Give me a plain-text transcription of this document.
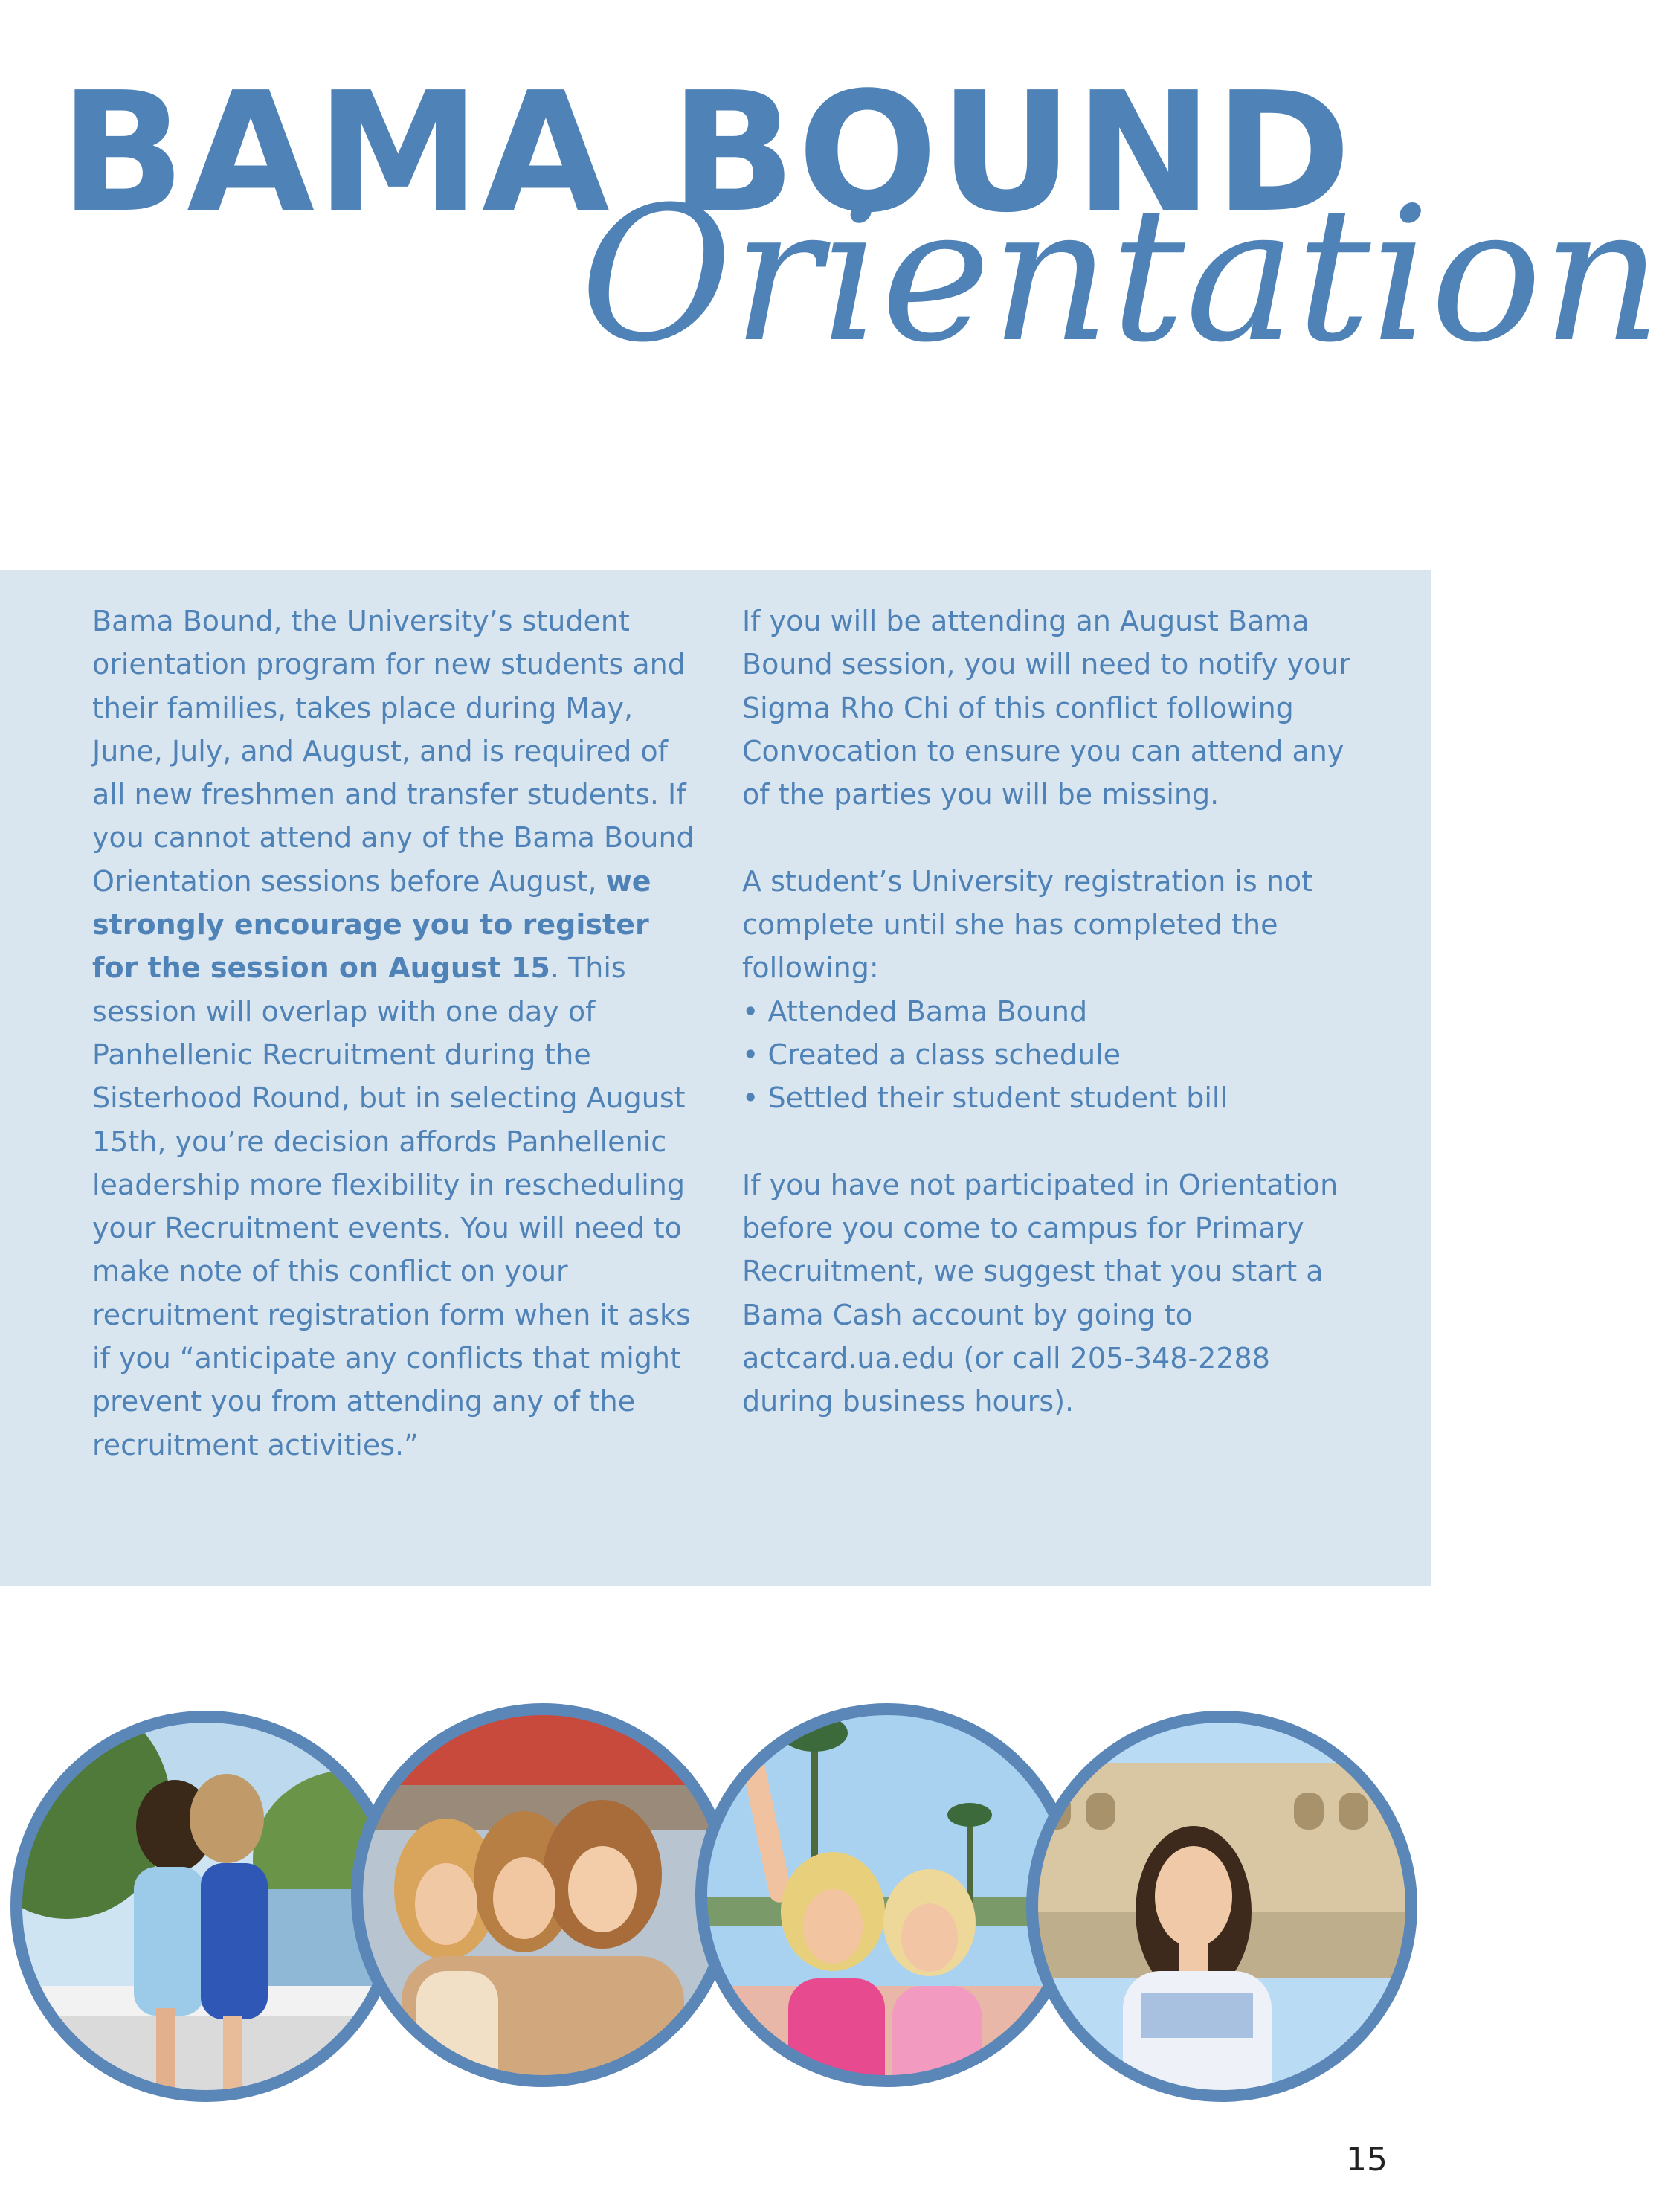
BAMA BOUND
Orientation

Bama Bound, the University’s student orientation program for new students and their families, takes place during May, June, July, and August, and is required of all new freshmen and transfer students. If you cannot attend any of the Bama Bound Orientation sessions before August, we strongly encourage you to register for the session on August 15. This session will overlap with one day of Panhellenic Recruitment during the Sisterhood Round, but in selecting August 15th, you’re decision affords Panhellenic leadership more flexibility in rescheduling your Recruitment events. You will need to make note of this conflict on your recruitment registration form when it asks if you “anticipate any conflicts that might prevent you from attending any of the recruitment activities.”

If you will be attending an August Bama Bound session, you will need to notify your Sigma Rho Chi of this conflict following Convocation to ensure you can attend any of the parties you will be missing.

A student’s University registration is not complete until she has completed the following:

• Attended Bama Bound
• Created a class schedule
• Settled their student student bill

If you have not participated in Orientation before you come to campus for Primary Recruitment, we suggest that you start a Bama Cash account by going to actcard.ua.edu (or call 205-348-2288 during business hours).

15
